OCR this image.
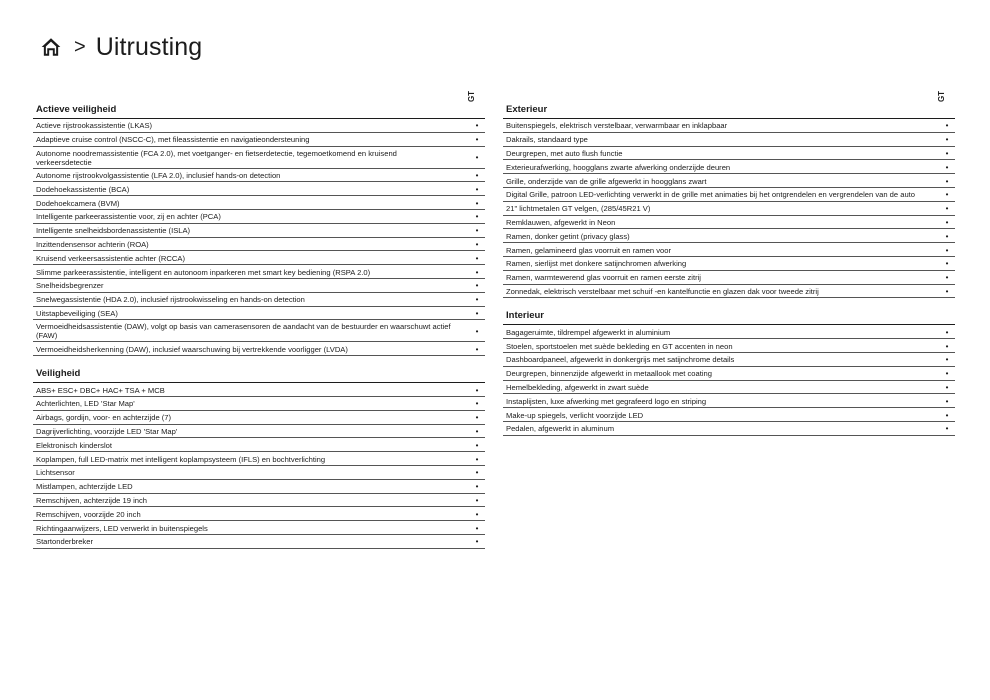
> Uitrusting
GT
Actieve veiligheid
Actieve rijstrookassistentie (LKAS)	•
Adaptieve cruise control (NSCC-C), met fileassistentie en navigatieondersteuning	•
Autonome noodremassistentie (FCA 2.0), met voetganger- en fietserdetectie, tegemoetkomend en kruisend verkeersdetectie	•
Autonome rijstrookvolgassistentie (LFA 2.0), inclusief hands-on detection	•
Dodehoekassistentie (BCA)	•
Dodehoekcamera (BVM)	•
Intelligente parkeerassistentie voor, zij en achter (PCA)	•
Intelligente snelheidsbordenassistentie (ISLA)	•
Inzittendensensor achterin (ROA)	•
Kruisend verkeersassistentie achter (RCCA)	•
Slimme parkeerassistentie, intelligent en autonoom inparkeren met smart key bediening (RSPA 2.0)	•
Snelheidsbegrenzer	•
Snelwegassistentie (HDA 2.0), inclusief rijstrookwisseling en hands-on detection	•
Uitstapbeveiliging (SEA)	•
Vermoeidheidsassistentie (DAW), volgt op basis van camerasensoren de aandacht van de bestuurder en waarschuwt actief (FAW)	•
Vermoeidheidsherkenning (DAW), inclusief waarschuwing bij vertrekkende voorligger (LVDA)	•
Veiligheid
ABS+ ESC+ DBC+ HAC+ TSA + MCB	•
Achterlichten, LED 'Star Map'	•
Airbags, gordijn, voor- en achterzijde (7)	•
Dagrijverlichting, voorzijde LED 'Star Map'	•
Elektronisch kinderslot	•
Koplampen, full LED-matrix met intelligent koplampsysteem (IFLS) en bochtverlichting	•
Lichtsensor	•
Mistlampen, achterzijde LED	•
Remschijven, achterzijde 19 inch	•
Remschijven, voorzijde 20 inch	•
Richtingaanwijzers, LED verwerkt in buitenspiegels	•
Startonderbreker	•
GT
Exterieur
Buitenspiegels, elektrisch verstelbaar, verwarmbaar en inklapbaar	•
Dakrails, standaard type	•
Deurgrepen, met auto flush functie	•
Exterieurafwerking, hoogglans zwarte afwerking onderzijde deuren	•
Grille, onderzijde van de grille afgewerkt in hoogglans zwart	•
Digital Grille, patroon LED-verlichting verwerkt in de grille met animaties bij het ontgrendelen en vergrendelen van de auto	•
21" lichtmetalen GT velgen, (285/45R21 V)	•
Remklauwen, afgewerkt in Neon	•
Ramen, donker getint (privacy glass)	•
Ramen, gelamineerd glas voorruit en ramen voor	•
Ramen, sierlijst met donkere satijnchromen afwerking	•
Ramen, warmtewerend glas voorruit en ramen eerste zitrij	•
Zonnedak, elektrisch verstelbaar met schuif -en kantelfunctie en glazen dak voor tweede zitrij	•
Interieur
Bagageruimte, tildrempel afgewerkt in aluminium	•
Stoelen, sportstoelen met suède bekleding en GT accenten in neon	•
Dashboardpaneel, afgewerkt in donkergrijs met satijnchrome details	•
Deurgrepen, binnenzijde afgewerkt in metaallook met coating	•
Hemelbekleding, afgewerkt in zwart suède	•
Instaplijsten, luxe afwerking met gegrafeerd logo en striping	•
Make-up spiegels, verlicht voorzijde LED	•
Pedalen, afgewerkt in aluminum	•
